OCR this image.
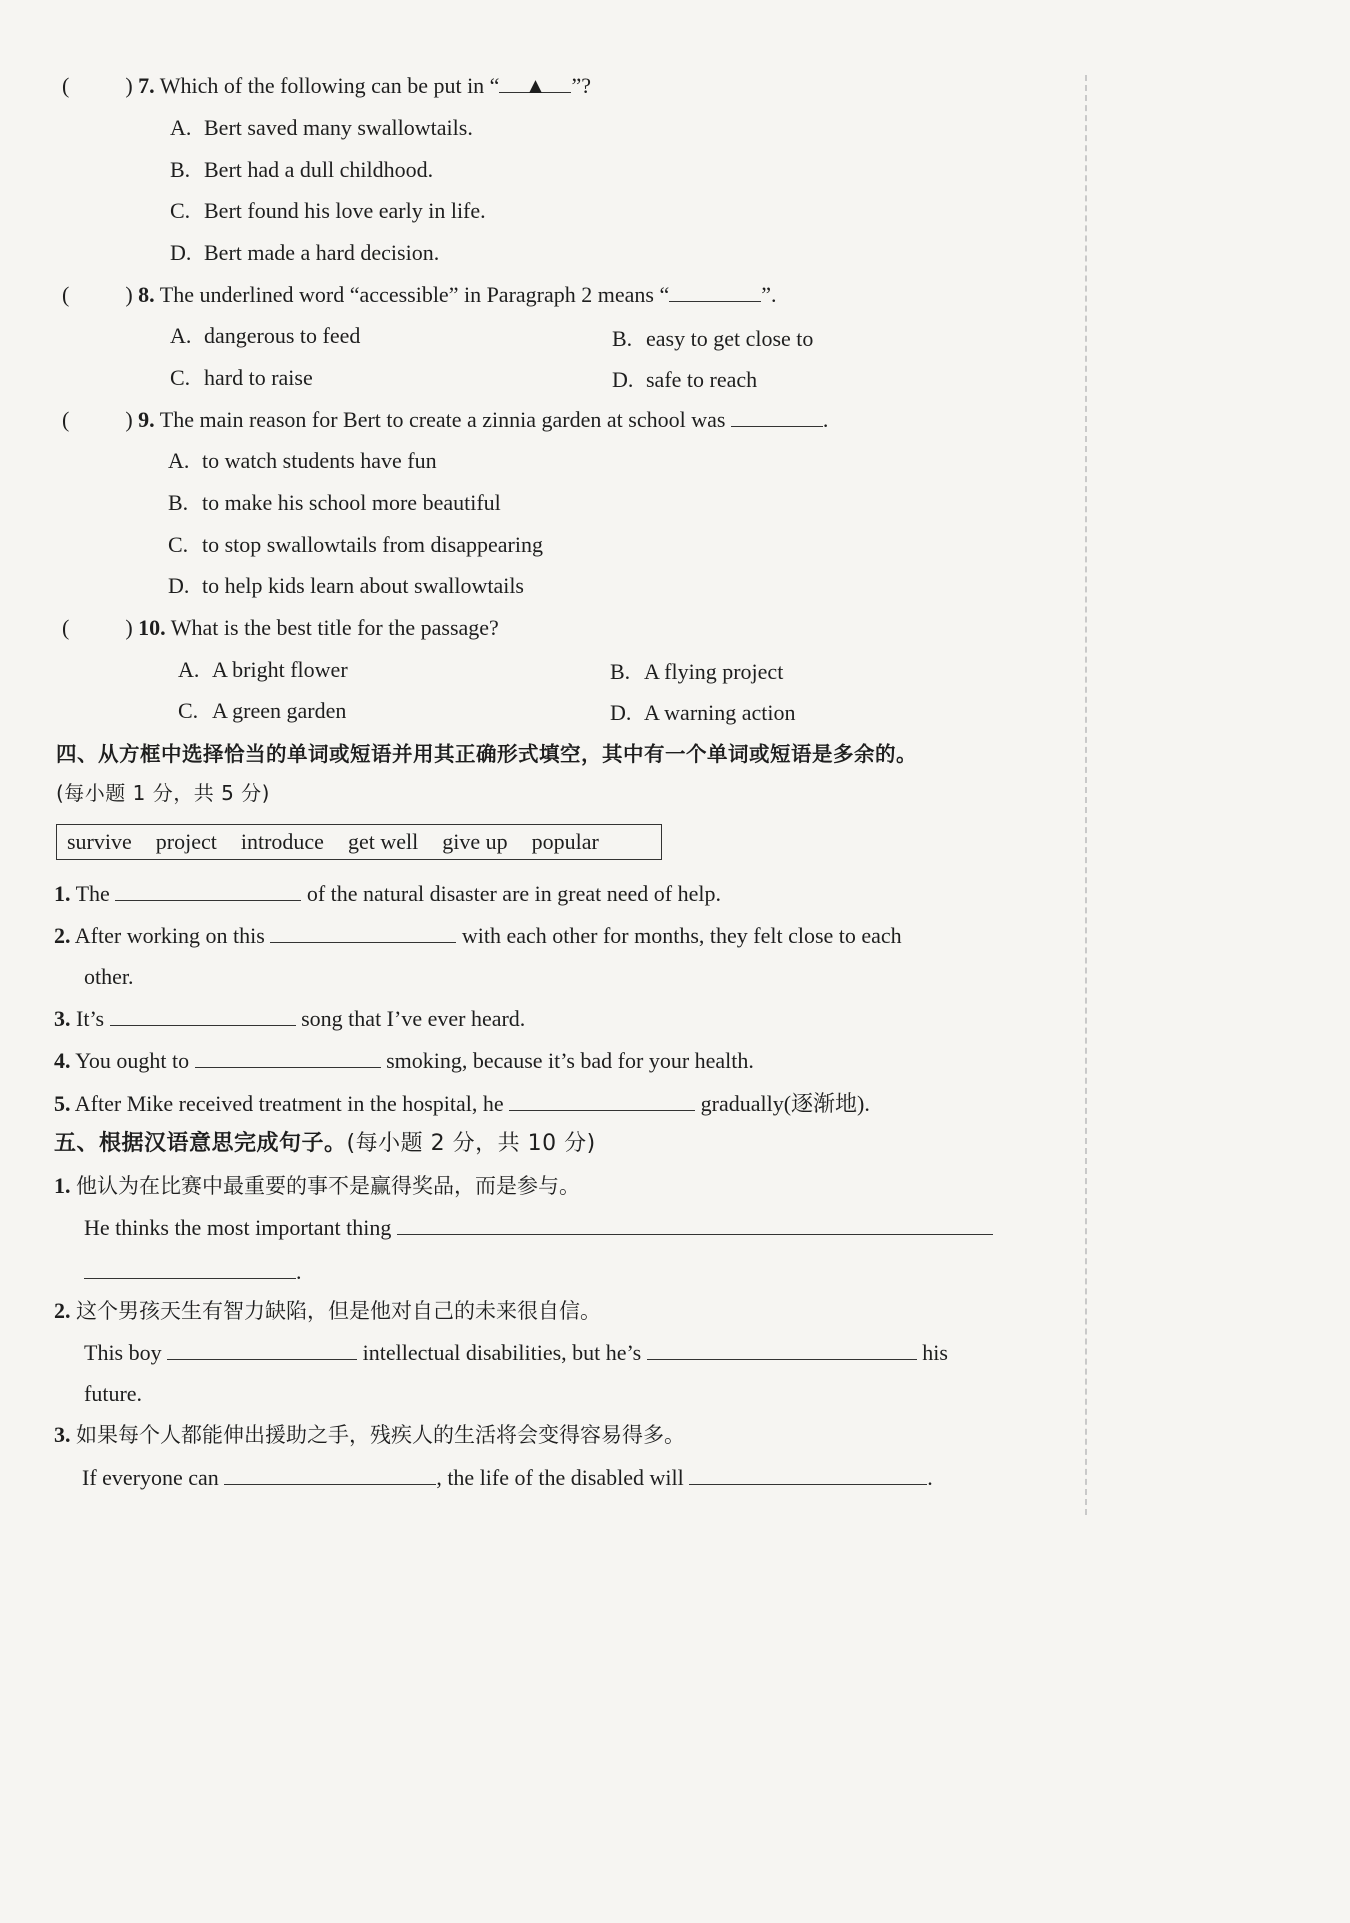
(	) 7. Which of the following can be put in “ ▲ ”?
A. Bert saved many swallowtails.
B. Bert had a dull childhood.
C. Bert found his love early in life.
D. Bert made a hard decision.
(	) 8. The underlined word “accessible” in Paragraph 2 means “	”.
A. dangerous to feed	B. easy to get close to
C. hard to raise	D. safe to reach
(	) 9. The main reason for Bert to create a zinnia garden at school was	.
A. to watch students have fun
B. to make his school more beautiful
C. to stop swallowtails from disappearing
D. to help kids learn about swallowtails
(	) 10. What is the best title for the passage?
A. A bright flower	B. A flying project
C. A green garden	D. A warning action
四、从方框中选择恰当的单词或短语并用其正确形式填空，其中有一个单词或短语是多余的。
(每小题 1 分，共 5 分)
survive project introduce get well give up popular
1. The	of the natural disaster are in great need of help.
2. After working on this	with each other for months, they felt close to each
other.
3. It’s	song that I’ve ever heard.
4. You ought to	smoking, because it’s bad for your health.
5. After Mike received treatment in the hospital, he	gradually(逐渐地).
五、根据汉语意思完成句子。(每小题 2 分，共 10 分)
1. 他认为在比赛中最重要的事不是赢得奖品，而是参与。
He thinks the most important thing
.
2. 这个男孩天生有智力缺陷，但是他对自己的未来很自信。
This boy	intellectual disabilities, but he’s	his
future.
3. 如果每个人都能伸出援助之手，残疾人的生活将会变得容易得多。
If everyone can	, the life of the disabled will	.
